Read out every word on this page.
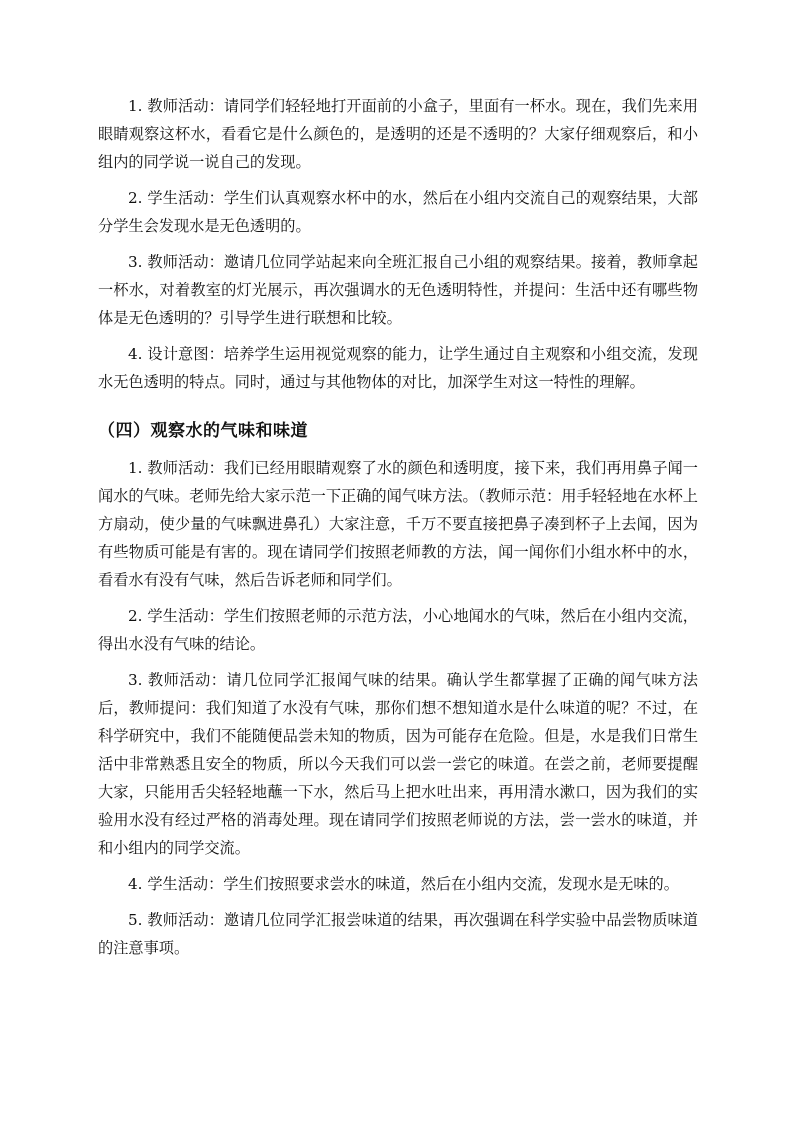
1. 教师活动：请同学们轻轻地打开面前的小盒子，里面有一杯水。现在，我们先来用眼睛观察这杯水，看看它是什么颜色的，是透明的还是不透明的？大家仔细观察后，和小组内的同学说一说自己的发现。

2. 学生活动：学生们认真观察水杯中的水，然后在小组内交流自己的观察结果，大部分学生会发现水是无色透明的。

3. 教师活动：邀请几位同学站起来向全班汇报自己小组的观察结果。接着，教师拿起一杯水，对着教室的灯光展示，再次强调水的无色透明特性，并提问：生活中还有哪些物体是无色透明的？引导学生进行联想和比较。

4. 设计意图：培养学生运用视觉观察的能力，让学生通过自主观察和小组交流，发现水无色透明的特点。同时，通过与其他物体的对比，加深学生对这一特性的理解。

（四）观察水的气味和味道

1. 教师活动：我们已经用眼睛观察了水的颜色和透明度，接下来，我们再用鼻子闻一闻水的气味。老师先给大家示范一下正确的闻气味方法。（教师示范：用手轻轻地在水杯上方扇动，使少量的气味飘进鼻孔）大家注意，千万不要直接把鼻子凑到杯子上去闻，因为有些物质可能是有害的。现在请同学们按照老师教的方法，闻一闻你们小组水杯中的水，看看水有没有气味，然后告诉老师和同学们。

2. 学生活动：学生们按照老师的示范方法，小心地闻水的气味，然后在小组内交流，得出水没有气味的结论。

3. 教师活动：请几位同学汇报闻气味的结果。确认学生都掌握了正确的闻气味方法后，教师提问：我们知道了水没有气味，那你们想不想知道水是什么味道的呢？不过，在科学研究中，我们不能随便品尝未知的物质，因为可能存在危险。但是，水是我们日常生活中非常熟悉且安全的物质，所以今天我们可以尝一尝它的味道。在尝之前，老师要提醒大家，只能用舌尖轻轻地蘸一下水，然后马上把水吐出来，再用清水漱口，因为我们的实验用水没有经过严格的消毒处理。现在请同学们按照老师说的方法，尝一尝水的味道，并和小组内的同学交流。

4. 学生活动：学生们按照要求尝水的味道，然后在小组内交流，发现水是无味的。

5. 教师活动：邀请几位同学汇报尝味道的结果，再次强调在科学实验中品尝物质味道的注意事项。
